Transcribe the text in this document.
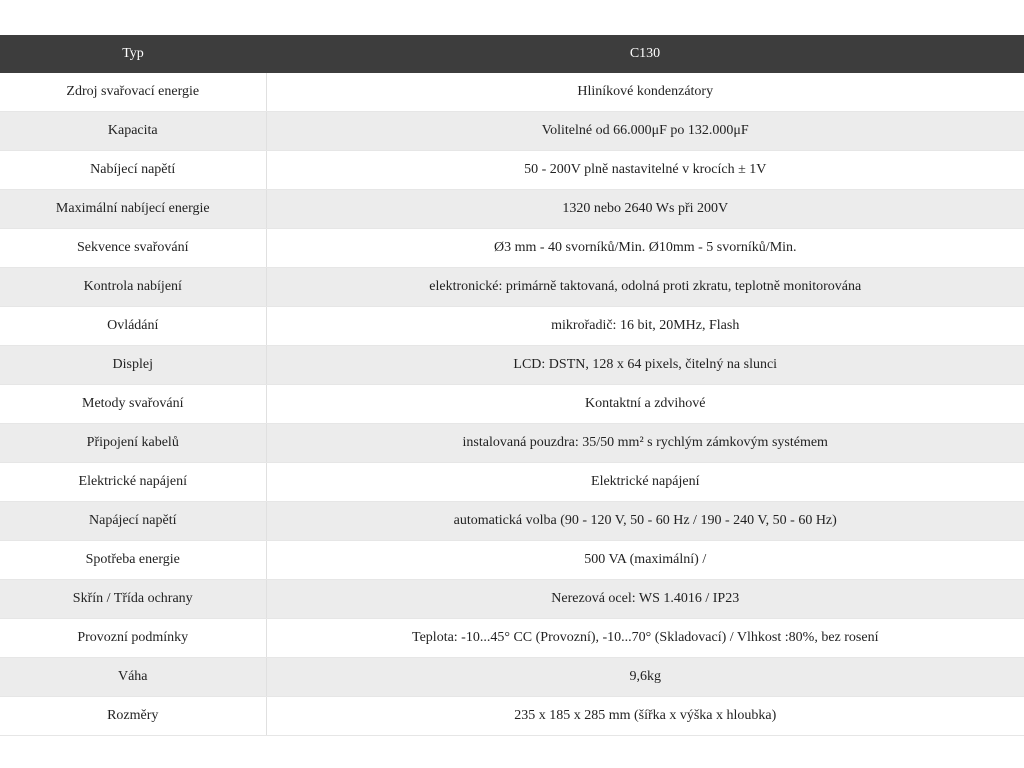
Typ	C130
Zdroj svařovací energie	Hliníkové kondenzátory
Kapacita	Volitelné od 66.000μF po 132.000μF
Nabíjecí napětí	50 - 200V plně nastavitelné v krocích ± 1V
Maximální nabíjecí energie	1320 nebo 2640 Ws při 200V
Sekvence svařování	Ø3 mm - 40 svorníků/Min. Ø10mm - 5 svorníků/Min.
Kontrola nabíjení	elektronické: primárně taktovaná, odolná proti zkratu, teplotně monitorována
Ovládání	mikrořadič: 16 bit, 20MHz, Flash
Displej	LCD: DSTN, 128 x 64 pixels, čitelný na slunci
Metody svařování	Kontaktní a zdvihové
Připojení kabelů	instalovaná pouzdra: 35/50 mm² s rychlým zámkovým systémem
Elektrické napájení	Elektrické napájení
Napájecí napětí	automatická volba (90 - 120 V, 50 - 60 Hz / 190 - 240 V, 50 - 60 Hz)
Spotřeba energie	500 VA (maximální) /
Skřín / Třída ochrany	Nerezová ocel: WS 1.4016 / IP23
Provozní podmínky	Teplota: -10...45° CC (Provozní), -10...70° (Skladovací) / Vlhkost :80%, bez rosení
Váha	9,6kg
Rozměry	235 x 185 x 285 mm (šířka x výška x hloubka)
